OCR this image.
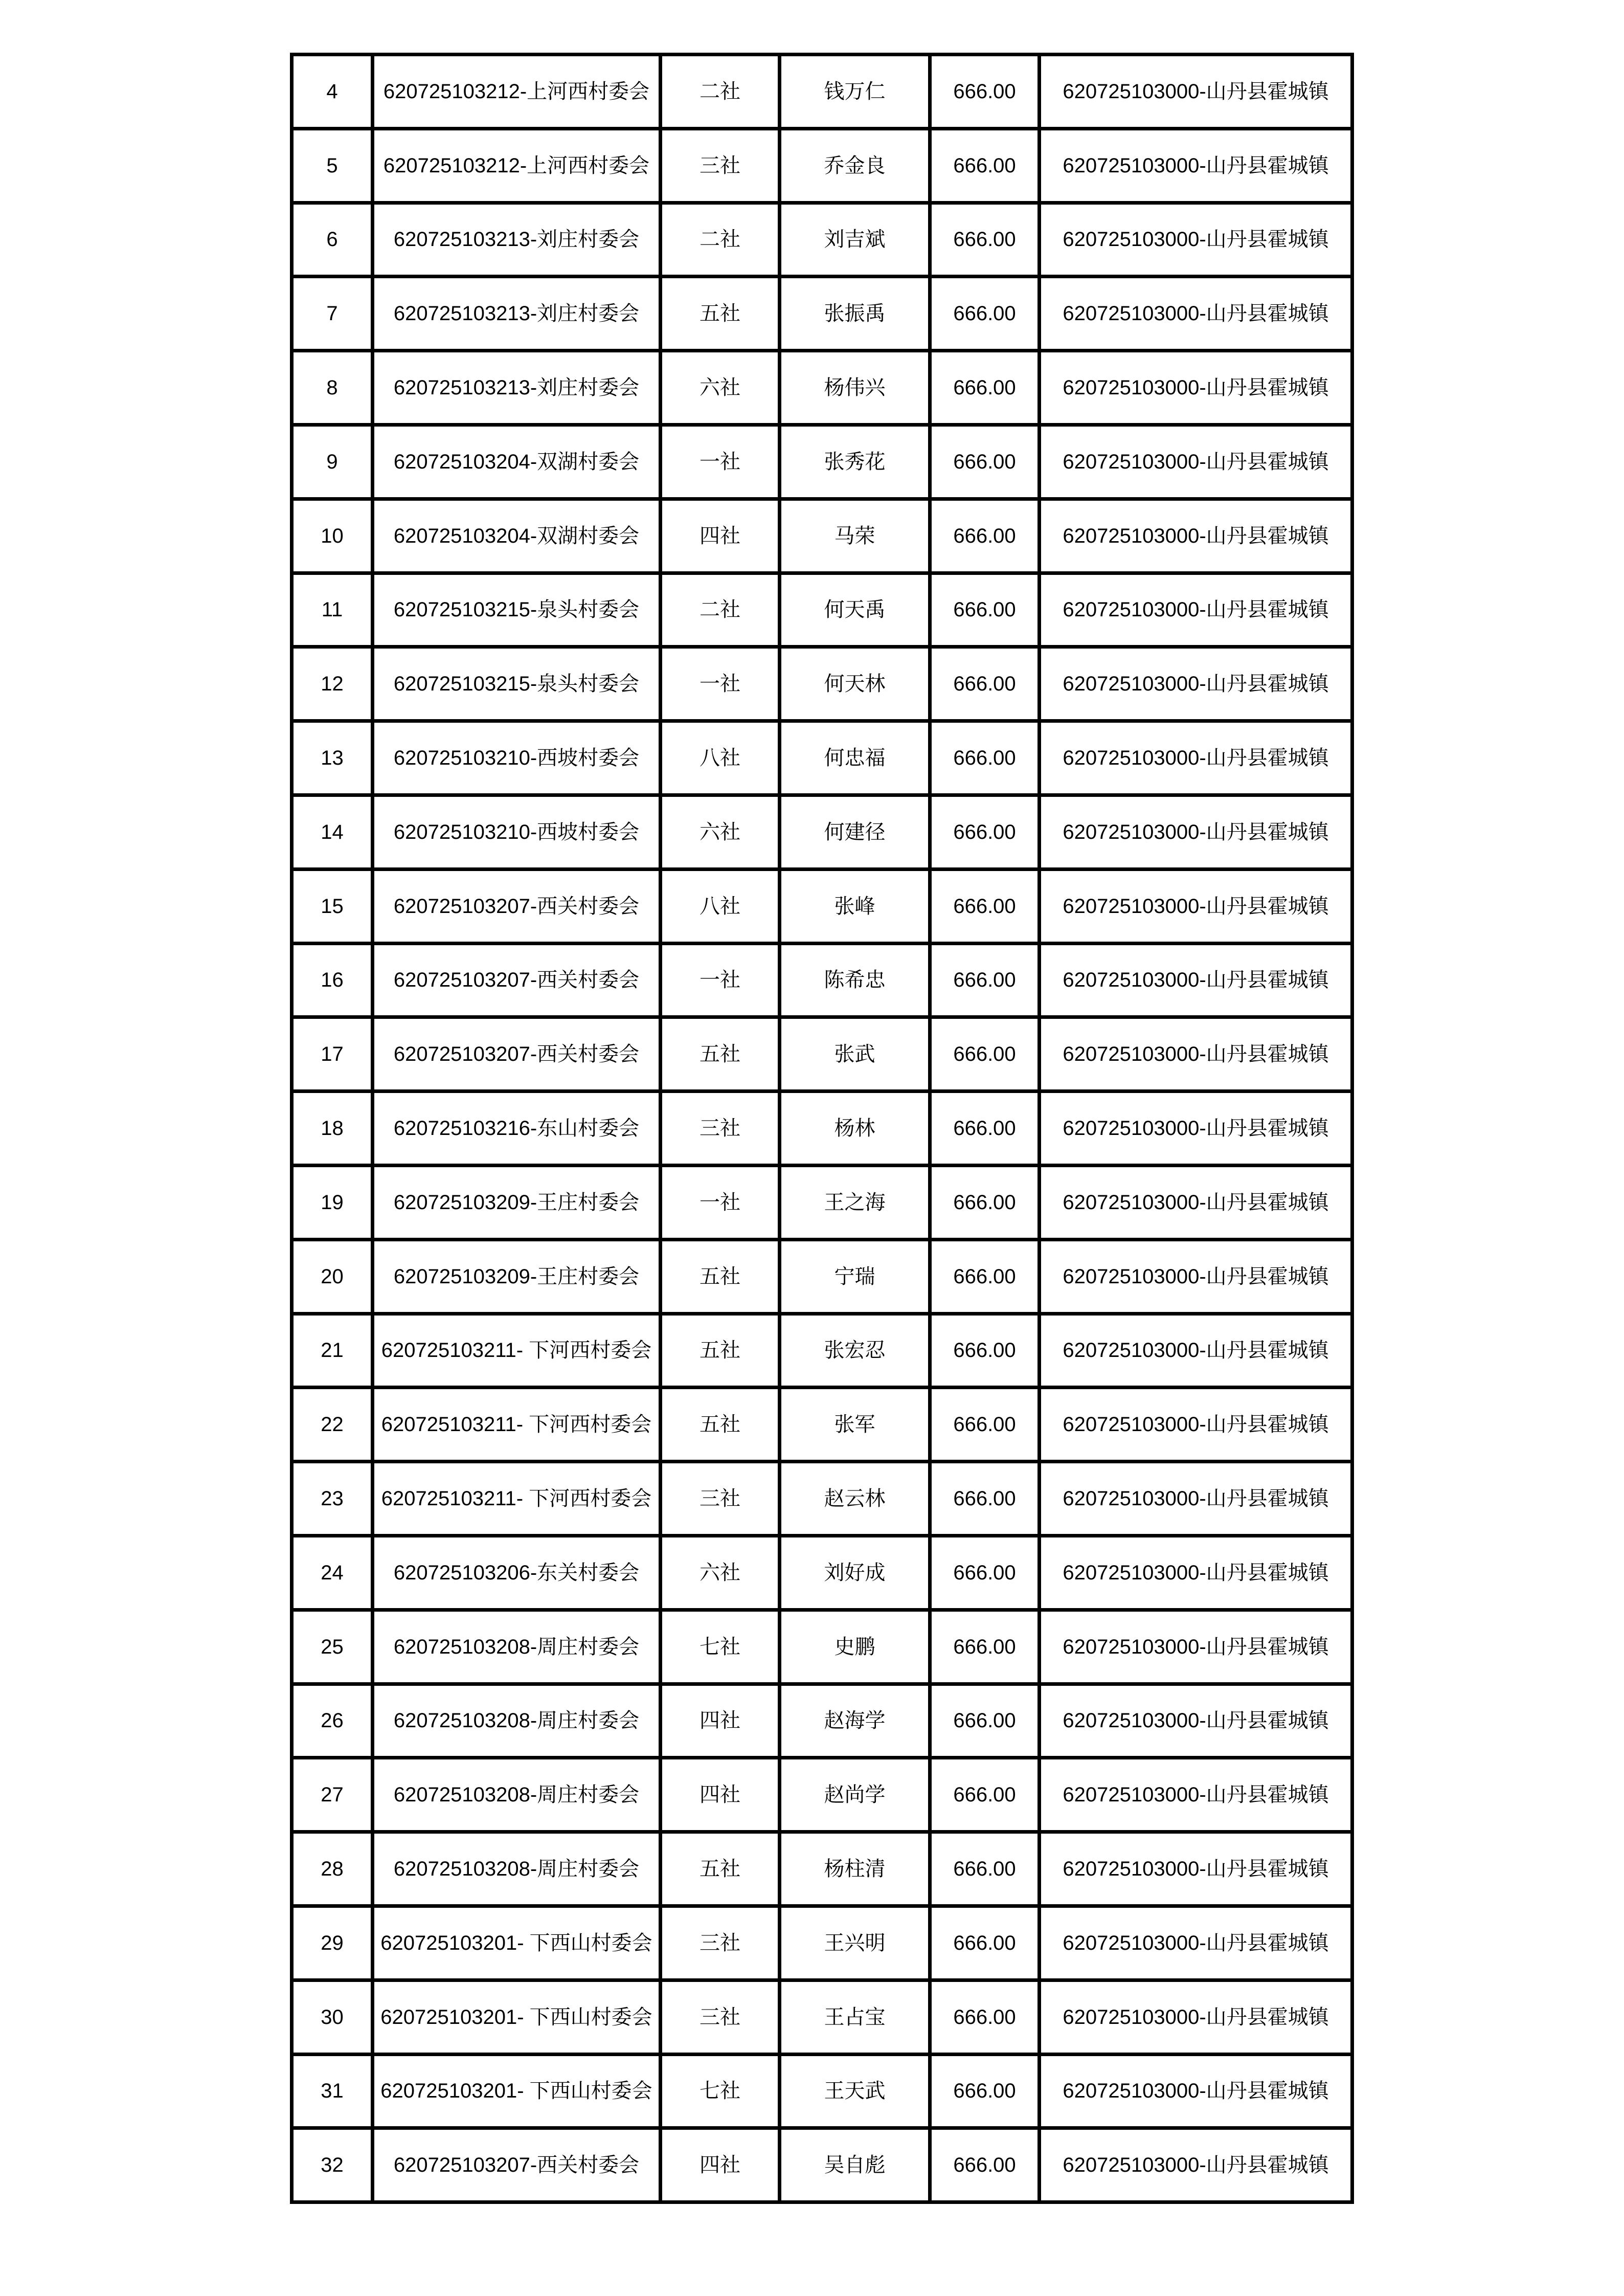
4	620725103212-上河西村委会	二社	钱万仁	666.00	620725103000-山丹县霍城镇
5	620725103212-上河西村委会	三社	乔金良	666.00	620725103000-山丹县霍城镇
6	620725103213-刘庄村委会	二社	刘吉斌	666.00	620725103000-山丹县霍城镇
7	620725103213-刘庄村委会	五社	张振禹	666.00	620725103000-山丹县霍城镇
8	620725103213-刘庄村委会	六社	杨伟兴	666.00	620725103000-山丹县霍城镇
9	620725103204-双湖村委会	一社	张秀花	666.00	620725103000-山丹县霍城镇
10	620725103204-双湖村委会	四社	马荣	666.00	620725103000-山丹县霍城镇
11	620725103215-泉头村委会	二社	何天禹	666.00	620725103000-山丹县霍城镇
12	620725103215-泉头村委会	一社	何天林	666.00	620725103000-山丹县霍城镇
13	620725103210-西坡村委会	八社	何忠福	666.00	620725103000-山丹县霍城镇
14	620725103210-西坡村委会	六社	何建径	666.00	620725103000-山丹县霍城镇
15	620725103207-西关村委会	八社	张峰	666.00	620725103000-山丹县霍城镇
16	620725103207-西关村委会	一社	陈希忠	666.00	620725103000-山丹县霍城镇
17	620725103207-西关村委会	五社	张武	666.00	620725103000-山丹县霍城镇
18	620725103216-东山村委会	三社	杨林	666.00	620725103000-山丹县霍城镇
19	620725103209-王庄村委会	一社	王之海	666.00	620725103000-山丹县霍城镇
20	620725103209-王庄村委会	五社	宁瑞	666.00	620725103000-山丹县霍城镇
21	620725103211- 下河西村委会	五社	张宏忍	666.00	620725103000-山丹县霍城镇
22	620725103211- 下河西村委会	五社	张军	666.00	620725103000-山丹县霍城镇
23	620725103211- 下河西村委会	三社	赵云林	666.00	620725103000-山丹县霍城镇
24	620725103206-东关村委会	六社	刘好成	666.00	620725103000-山丹县霍城镇
25	620725103208-周庄村委会	七社	史鹏	666.00	620725103000-山丹县霍城镇
26	620725103208-周庄村委会	四社	赵海学	666.00	620725103000-山丹县霍城镇
27	620725103208-周庄村委会	四社	赵尚学	666.00	620725103000-山丹县霍城镇
28	620725103208-周庄村委会	五社	杨柱清	666.00	620725103000-山丹县霍城镇
29	620725103201- 下西山村委会	三社	王兴明	666.00	620725103000-山丹县霍城镇
30	620725103201- 下西山村委会	三社	王占宝	666.00	620725103000-山丹县霍城镇
31	620725103201- 下西山村委会	七社	王天武	666.00	620725103000-山丹县霍城镇
32	620725103207-西关村委会	四社	吴自彪	666.00	620725103000-山丹县霍城镇
